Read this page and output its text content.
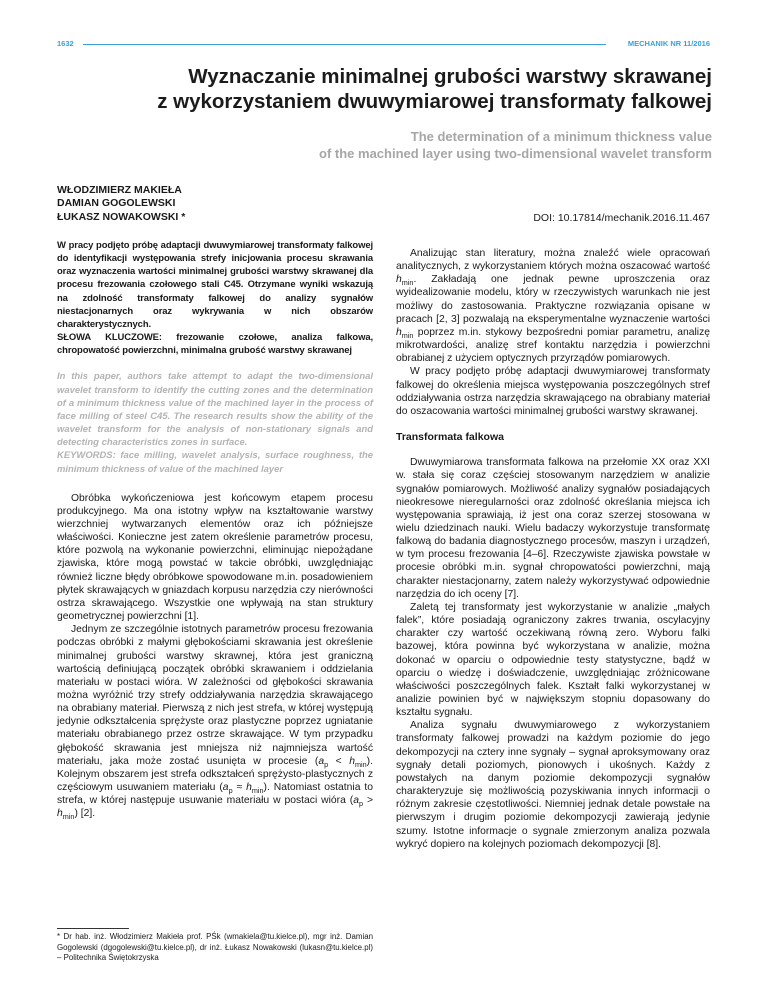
1632	MECHANIK NR 11/2016
Wyznaczanie minimalnej grubości warstwy skrawanej
z wykorzystaniem dwuwymiarowej transformaty falkowej
The determination of a minimum thickness value
of the machined layer using two-dimensional wavelet transform
WŁODZIMIERZ MAKIEŁA
DAMIAN GOGOLEWSKI
ŁUKASZ NOWAKOWSKI *	DOI: 10.17814/mechanik.2016.11.467

W pracy podjęto próbę adaptacji dwuwymiarowej transformaty falkowej do identyfikacji występowania strefy inicjowania procesu skrawania oraz wyznaczenia wartości minimalnej grubości warstwy skrawanej dla procesu frezowania czołowego stali C45. Otrzymane wyniki wskazują na zdolność transformaty falkowej do analizy sygnałów niestacjonarnych oraz wykrywania w nich obszarów charakterystycznych.

SŁOWA KLUCZOWE: frezowanie czołowe, analiza falkowa, chropowatość powierzchni, minimalna grubość warstwy skrawanej

In this paper, authors take attempt to adapt the two-dimensional wavelet transform to identify the cutting zones and the determination of a minimum thickness value of the machined layer in the process of face milling of steel C45. The research results show the ability of the wavelet transform for the analysis of non-stationary signals and detecting characteristics zones in surface.
KEYWORDS: face milling, wavelet analysis, surface roughness, the minimum thickness of value of the machined layer

Obróbka wykończeniowa jest końcowym etapem procesu produkcyjnego. Ma ona istotny wpływ na kształtowanie warstwy wierzchniej wytwarzanych elementów oraz ich późniejsze właściwości. Konieczne jest zatem określenie parametrów procesu, które pozwolą na wykonanie powierzchni, eliminując niepożądane zjawiska, które mogą powstać w takcie obróbki, uwzględniając również liczne błędy obróbkowe spowodowane m.in. posadowieniem płytek skrawających w gniazdach korpusu narzędzia czy nierówności ostrza skrawającego. Wszystkie one wpływają na stan struktury geometrycznej powierzchni [1].

Jednym ze szczególnie istotnych parametrów procesu frezowania podczas obróbki z małymi głębokościami skrawania jest określenie minimalnej grubości warstwy skrawnej, która jest graniczną wartością definiującą początek obróbki skrawaniem i oddzielania materiału w postaci wióra. W zależności od głębokości skrawania można wyróżnić trzy strefy oddziaływania narzędzia skrawającego na obrabiany materiał. Pierwszą z nich jest strefa, w której występują jedynie odkształcenia sprężyste oraz plastyczne poprzez ugniatanie materiału obrabianego przez ostrze skrawające. W tym przypadku głębokość skrawania jest mniejsza niż najmniejsza wartość materiału, jaka może zostać usunięta w procesie $(a_p < h_{min})$. Kolejnym obszarem jest strefa odkształceń sprężysto-plastycznych z częściowym usuwaniem materiału $(a_p \approx h_{min})$. Natomiast ostatnia to strefa, w której następuje usuwanie materiału w postaci wióra $(a_p > h_{min})$ [2].

* Dr hab. inż. Włodzimierz Makieła prof. PŚk (wmakiela@tu.kielce.pl), mgr inż. Damian Gogolewski (dgogolewski@tu.kielce.pl), dr inż. Łukasz Nowakowski (lukasn@tu.kielce.pl) – Politechnika Świętokrzyska

Analizując stan literatury, można znaleźć wiele opracowań analitycznych, z wykorzystaniem których można oszacować wartość $h_{min}$. Zakładają one jednak pewne uproszczenia oraz wyidealizowanie modelu, który w rzeczywistych warunkach nie jest możliwy do zastosowania. Praktyczne rozwiązania opisane w pracach [2, 3] pozwalają na eksperymentalne wyznaczenie wartości $h_{min}$ poprzez m.in. stykowy bezpośredni pomiar parametru, analizę mikrotwardości, analizę stref kontaktu narzędzia i powierzchni obrabianej z użyciem optycznych przyrządów pomiarowych.

W pracy podjęto próbę adaptacji dwuwymiarowej transformaty falkowej do określenia miejsca występowania poszczególnych stref oddziaływania ostrza narzędzia skrawającego na obrabiany materiał do oszacowania wartości minimalnej grubości warstwy skrawanej.

Transformata falkowa

Dwuwymiarowa transformata falkowa na przełomie XX oraz XXI w. stała się coraz częściej stosowanym narzędziem w analizie sygnałów pomiarowych. Możliwość analizy sygnałów posiadających nieokresowe nieregularności oraz zdolność określania miejsca ich występowania sprawiają, iż jest ona coraz szerzej stosowana w wielu dziedzinach nauki. Wielu badaczy wykorzystuje transformatę falkową do badania diagnostycznego procesów, maszyn i urządzeń, w tym procesu frezowania [4–6]. Rzeczywiste zjawiska powstałe w procesie obróbki m.in. sygnał chropowatości powierzchni, mają charakter niestacjonarny, zatem należy wykorzystywać odpowiednie narzędzia do ich oceny [7].

Zaletą tej transformaty jest wykorzystanie w analizie „małych falek”, które posiadają ograniczony zakres trwania, oscylacyjny charakter czy wartość oczekiwaną równą zero. Wyboru falki bazowej, która powinna być wykorzystana w analizie, można dokonać w oparciu o odpowiednie testy statystyczne, bądź w oparciu o wiedzę i doświadczenie, uwzględniając zróżnicowane właściwości poszczególnych falek. Kształt falki wykorzystanej w analizie powinien być w największym stopniu dopasowany do kształtu sygnału.

Analiza sygnału dwuwymiarowego z wykorzystaniem transformaty falkowej prowadzi na każdym poziomie do jego dekompozycji na cztery inne sygnały – sygnał aproksymowany oraz sygnały detali poziomych, pionowych i ukośnych. Każdy z powstałych na danym poziomie dekompozycji sygnałów charakteryzuje się możliwością pozyskiwania innych informacji o różnym zakresie częstotliwości. Niemniej jednak detale powstałe na pierwszym i drugim poziomie dekompozycji zawierają jedynie szumy. Istotne informacje o sygnale zmierzonym analiza pozwala wykryć dopiero na kolejnych poziomach dekompozycji [8].
